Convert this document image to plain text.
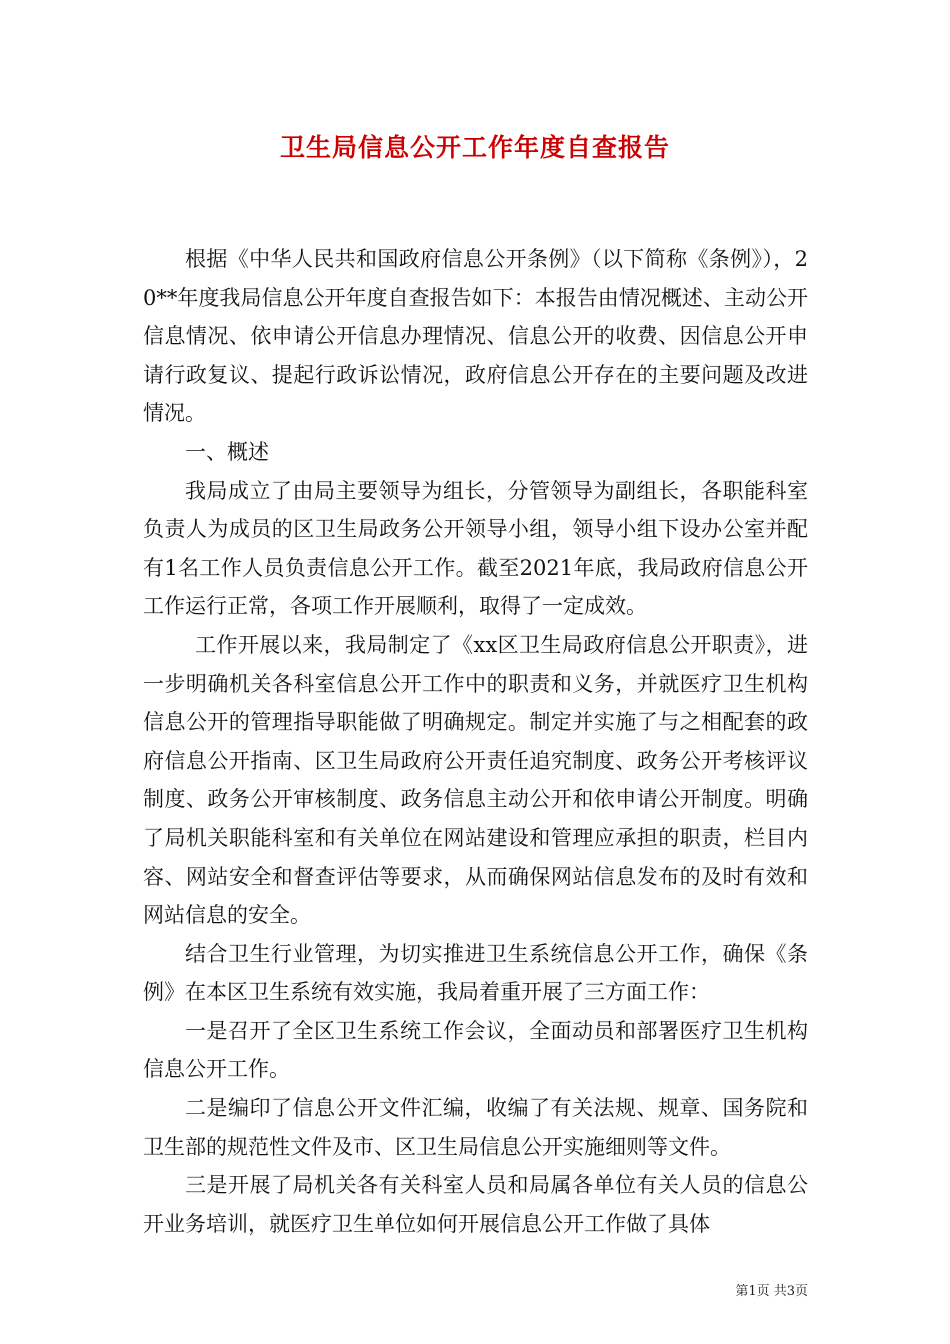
卫生局信息公开工作年度自查报告

根据《中华人民共和国政府信息公开条例》（以下简称《条例》），20**年度我局信息公开年度自查报告如下：本报告由情况概述、主动公开信息情况、依申请公开信息办理情况、信息公开的收费、因信息公开申请行政复议、提起行政诉讼情况，政府信息公开存在的主要问题及改进情况。

一、概述

我局成立了由局主要领导为组长，分管领导为副组长，各职能科室负责人为成员的区卫生局政务公开领导小组，领导小组下设办公室并配有1名工作人员负责信息公开工作。截至2021年底，我局政府信息公开工作运行正常，各项工作开展顺利，取得了一定成效。

工作开展以来，我局制定了《xx区卫生局政府信息公开职责》，进一步明确机关各科室信息公开工作中的职责和义务，并就医疗卫生机构信息公开的管理指导职能做了明确规定。制定并实施了与之相配套的政府信息公开指南、区卫生局政府公开责任追究制度、政务公开考核评议制度、政务公开审核制度、政务信息主动公开和依申请公开制度。明确了局机关职能科室和有关单位在网站建设和管理应承担的职责，栏目内容、网站安全和督查评估等要求，从而确保网站信息发布的及时有效和网站信息的安全。

结合卫生行业管理，为切实推进卫生系统信息公开工作，确保《条例》在本区卫生系统有效实施，我局着重开展了三方面工作：

一是召开了全区卫生系统工作会议，全面动员和部署医疗卫生机构信息公开工作。

二是编印了信息公开文件汇编，收编了有关法规、规章、国务院和卫生部的规范性文件及市、区卫生局信息公开实施细则等文件。

三是开展了局机关各有关科室人员和局属各单位有关人员的信息公开业务培训，就医疗卫生单位如何开展信息公开工作做了具体

第1页 共3页
